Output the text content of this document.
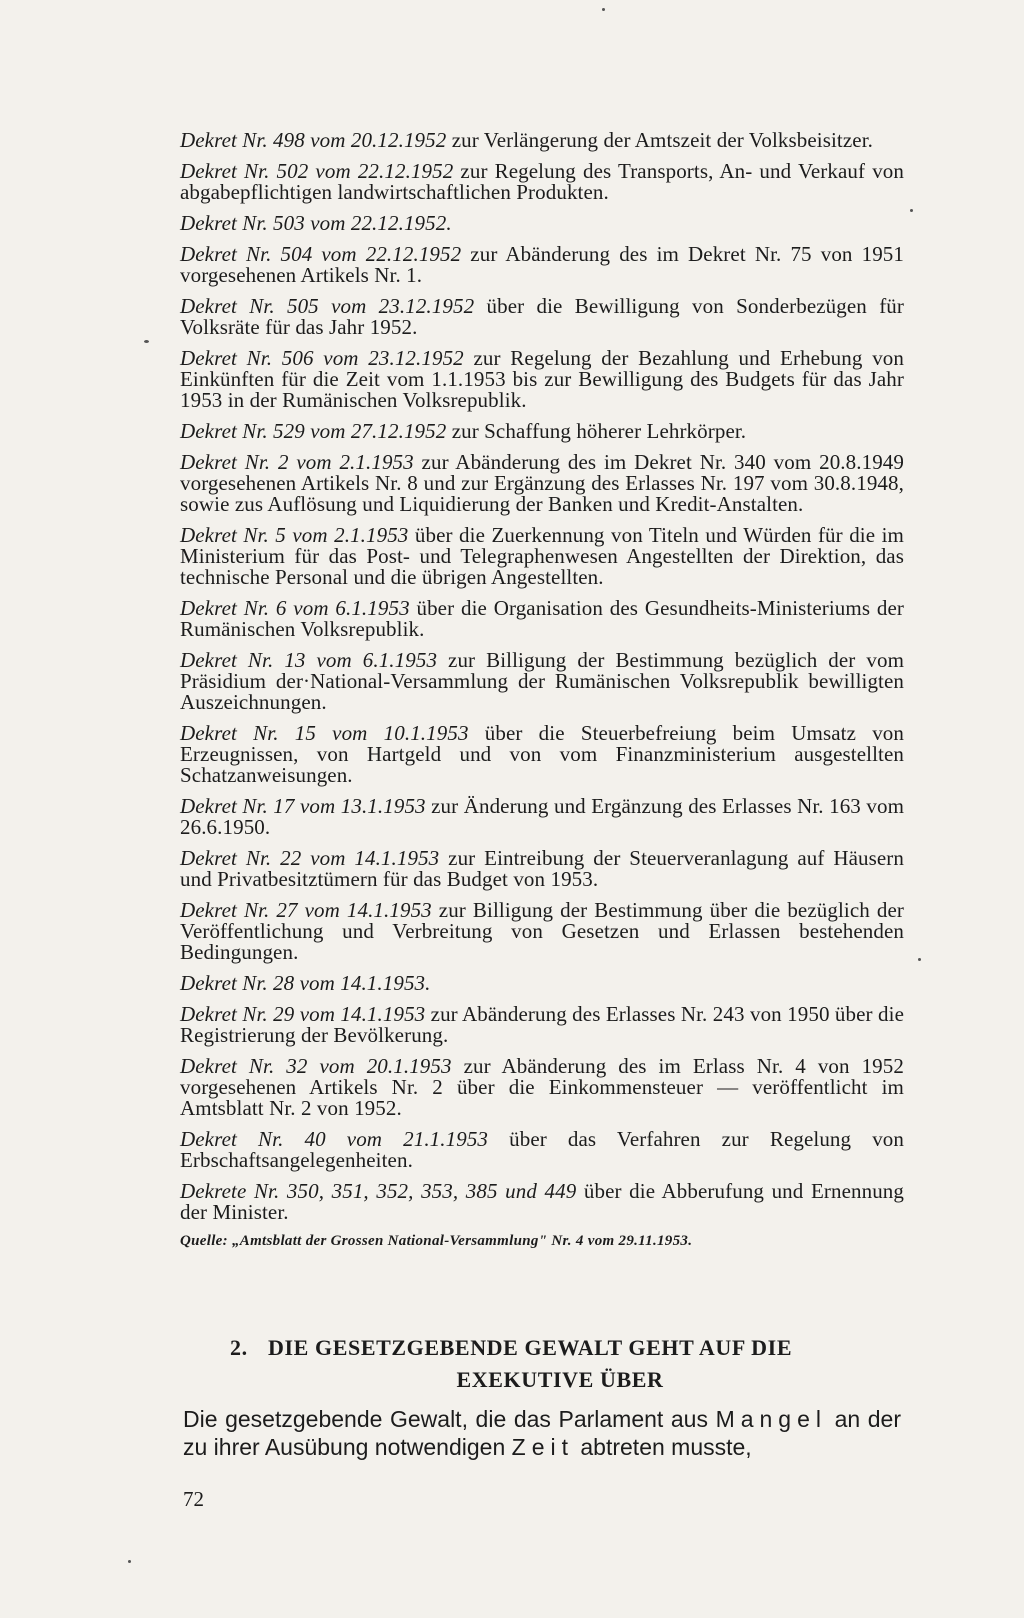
Dekret Nr. 498 vom 20.12.1952 zur Verlängerung der Amtszeit der Volksbeisitzer.

Dekret Nr. 502 vom 22.12.1952 zur Regelung des Transports, An- und Verkauf von abgabepflichtigen landwirtschaftlichen Produkten.

Dekret Nr. 503 vom 22.12.1952.

Dekret Nr. 504 vom 22.12.1952 zur Abänderung des im Dekret Nr. 75 von 1951 vorgesehenen Artikels Nr. 1.

Dekret Nr. 505 vom 23.12.1952 über die Bewilligung von Sonderbezügen für Volksräte für das Jahr 1952.

Dekret Nr. 506 vom 23.12.1952 zur Regelung der Bezahlung und Erhebung von Einkünften für die Zeit vom 1.1.1953 bis zur Bewilligung des Budgets für das Jahr 1953 in der Rumänischen Volksrepublik.

Dekret Nr. 529 vom 27.12.1952 zur Schaffung höherer Lehrkörper.

Dekret Nr. 2 vom 2.1.1953 zur Abänderung des im Dekret Nr. 340 vom 20.8.1949 vorgesehenen Artikels Nr. 8 und zur Ergänzung des Erlasses Nr. 197 vom 30.8.1948, sowie zus Auflösung und Liquidierung der Banken und Kredit-Anstalten.

Dekret Nr. 5 vom 2.1.1953 über die Zuerkennung von Titeln und Würden für die im Ministerium für das Post- und Telegraphenwesen Angestellten der Direktion, das technische Personal und die übrigen Angestellten.

Dekret Nr. 6 vom 6.1.1953 über die Organisation des Gesundheits-Ministeriums der Rumänischen Volksrepublik.

Dekret Nr. 13 vom 6.1.1953 zur Billigung der Bestimmung bezüglich der vom Präsidium der·National-Versammlung der Rumänischen Volksrepublik bewilligten Auszeichnungen.

Dekret Nr. 15 vom 10.1.1953 über die Steuerbefreiung beim Umsatz von Erzeugnissen, von Hartgeld und von vom Finanzministerium ausgestellten Schatzanweisungen.

Dekret Nr. 17 vom 13.1.1953 zur Änderung und Ergänzung des Erlasses Nr. 163 vom 26.6.1950.

Dekret Nr. 22 vom 14.1.1953 zur Eintreibung der Steuerveranlagung auf Häusern und Privatbesitztümern für das Budget von 1953.

Dekret Nr. 27 vom 14.1.1953 zur Billigung der Bestimmung über die bezüglich der Veröffentlichung und Verbreitung von Gesetzen und Erlassen bestehenden Bedingungen.

Dekret Nr. 28 vom 14.1.1953.

Dekret Nr. 29 vom 14.1.1953 zur Abänderung des Erlasses Nr. 243 von 1950 über die Registrierung der Bevölkerung.

Dekret Nr. 32 vom 20.1.1953 zur Abänderung des im Erlass Nr. 4 von 1952 vorgesehenen Artikels Nr. 2 über die Einkommensteuer — veröffentlicht im Amtsblatt Nr. 2 von 1952.

Dekret Nr. 40 vom 21.1.1953 über das Verfahren zur Regelung von Erbschaftsangelegenheiten.

Dekrete Nr. 350, 351, 352, 353, 385 und 449 über die Abberufung und Ernennung der Minister.

Quelle: „Amtsblatt der Grossen National-Versammlung" Nr. 4 vom 29.11.1953.
2. DIE GESETZGEBENDE GEWALT GEHT AUF DIE
EXEKUTIVE ÜBER
Die gesetzgebende Gewalt, die das Parlament aus Mangel an der zu ihrer Ausübung notwendigen Zeit abtreten musste,
72
